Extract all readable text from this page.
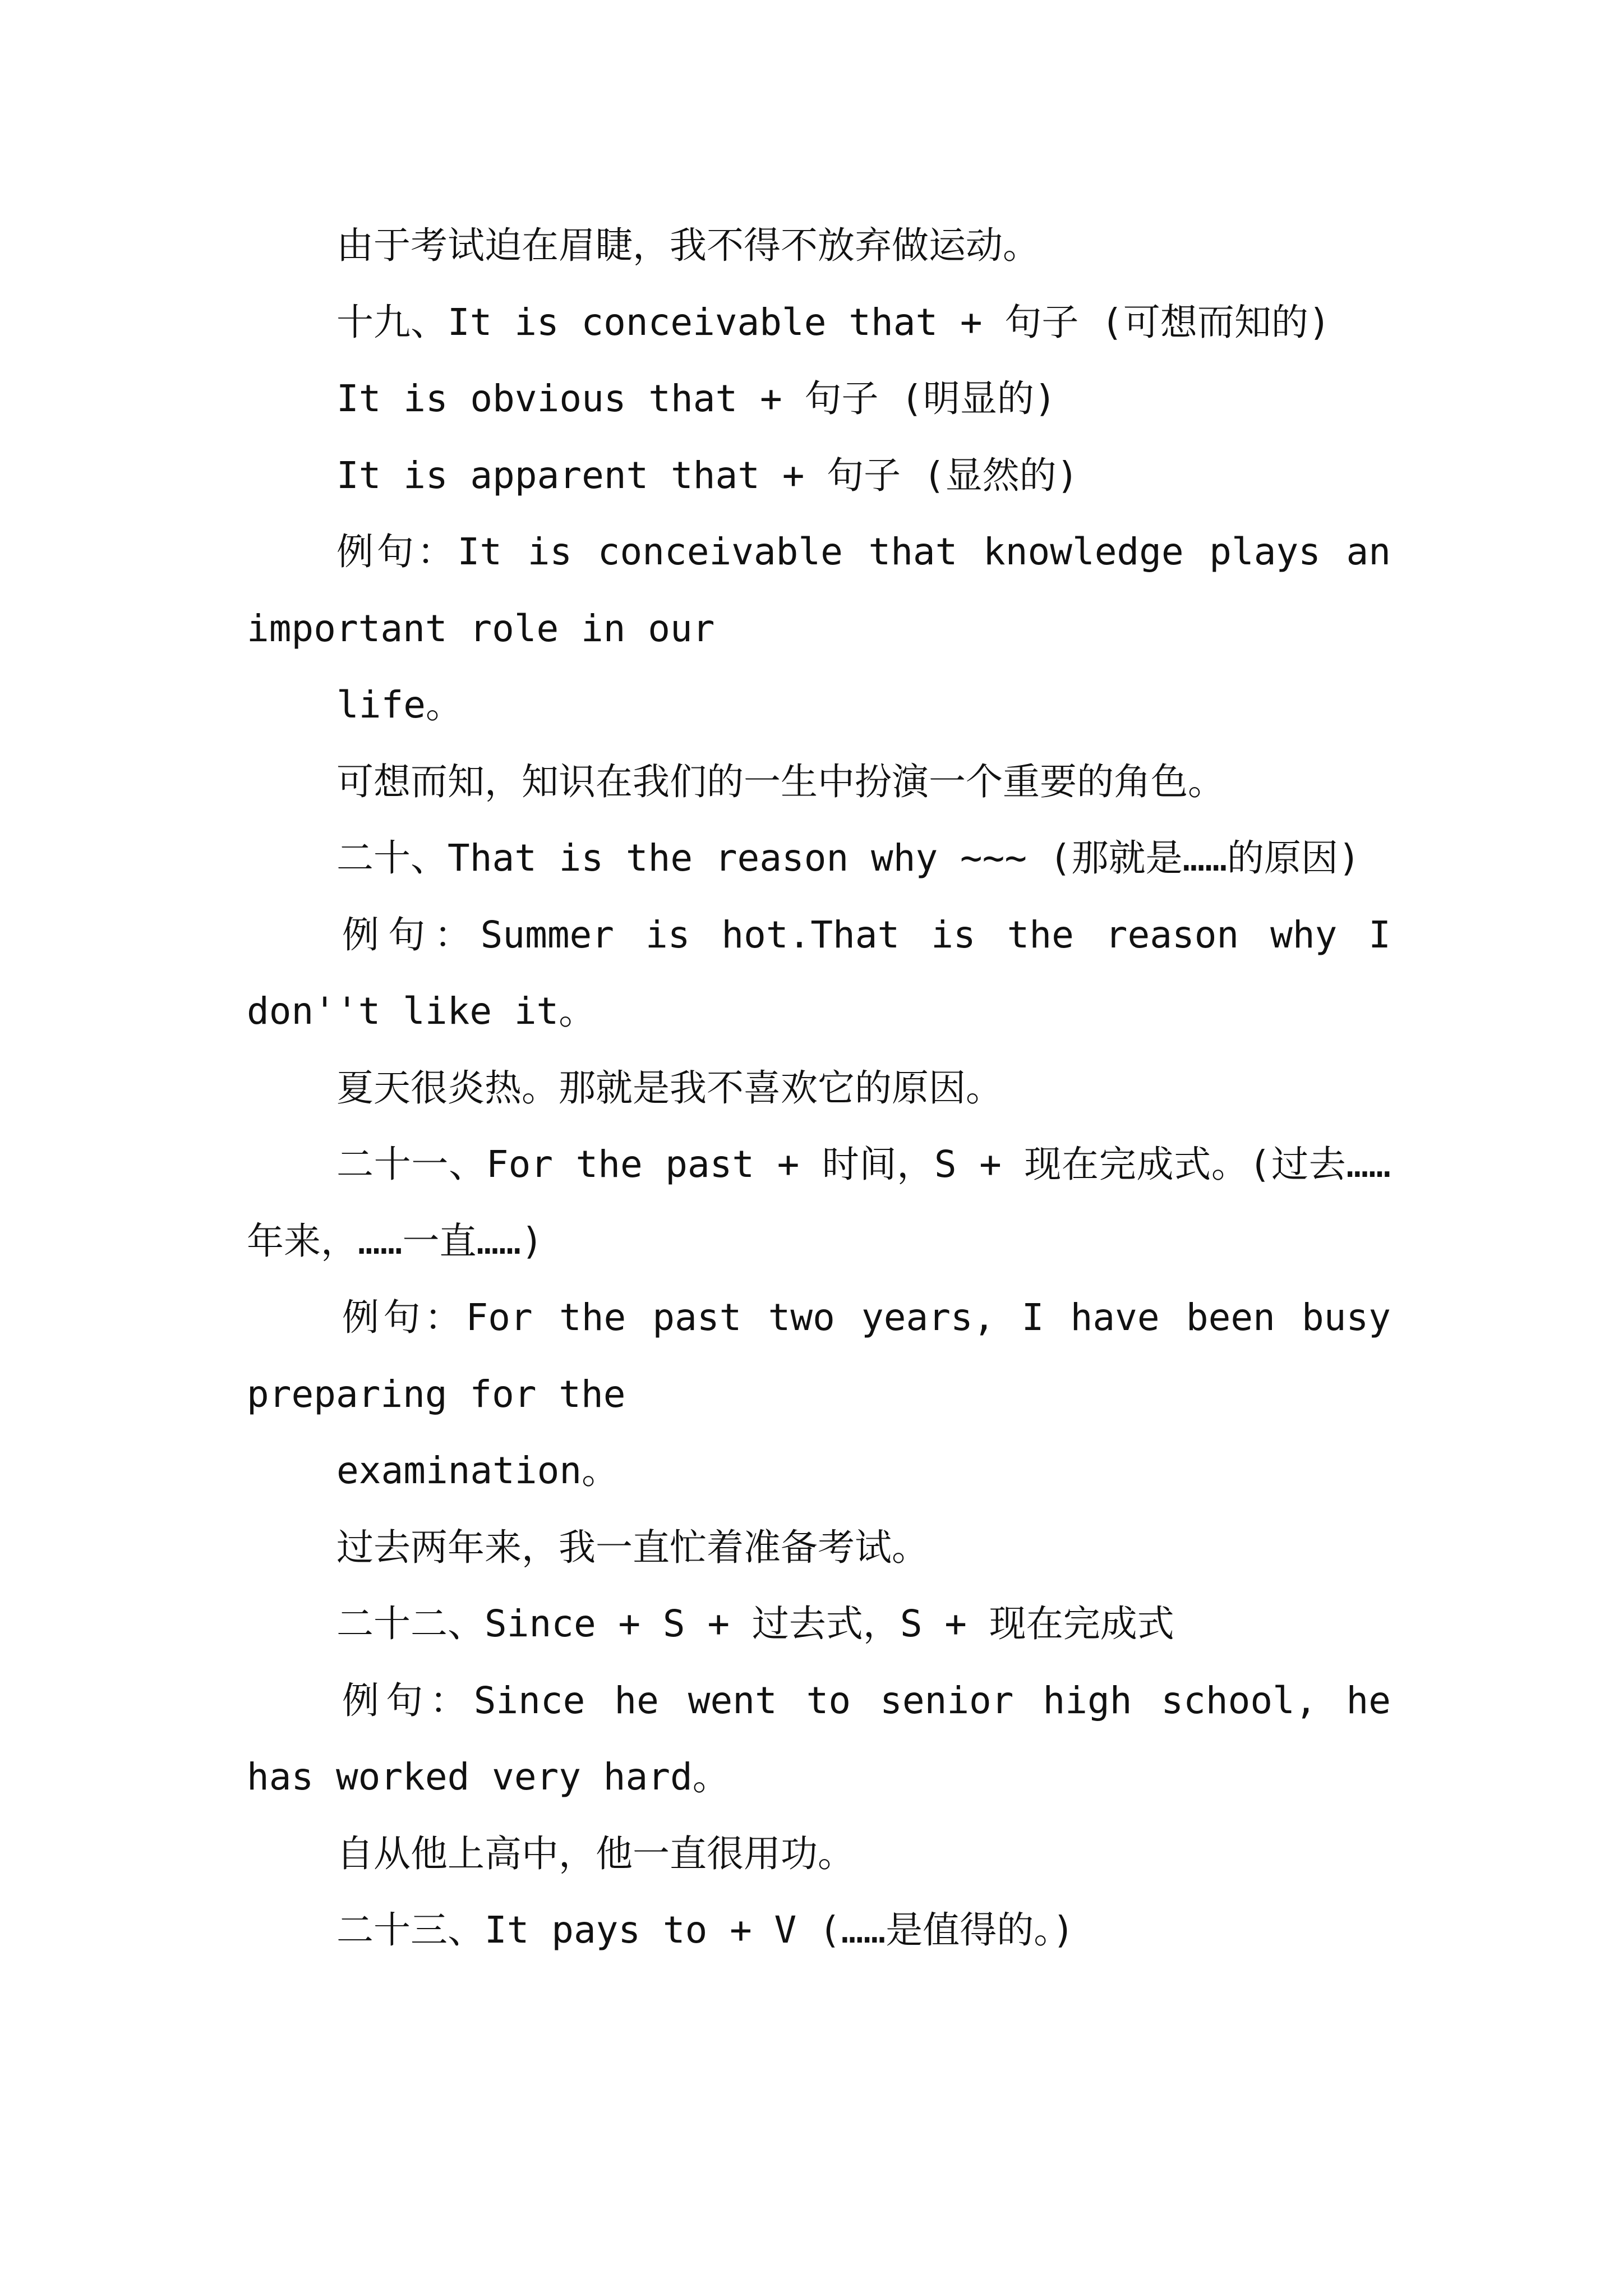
由于考试迫在眉睫，我不得不放弃做运动。

十九、It is conceivable that + 句子 (可想而知的)

It is obvious that + 句子 (明显的)

It is apparent that + 句子 (显然的)

例句：It is conceivable that knowledge plays an important role in our

life。

可想而知，知识在我们的一生中扮演一个重要的角色。

二十、That is the reason why ~~~ (那就是……的原因)

例句：Summer is hot.That is the reason why I don''t like it。

夏天很炎热。那就是我不喜欢它的原因。

二十一、For the past + 时间，S + 现在完成式。(过去……年来，……一直……)

例句：For the past two years, I have been busy preparing for the

examination。

过去两年来，我一直忙着准备考试。

二十二、Since + S + 过去式，S + 现在完成式

例句：Since he went to senior high school, he has worked very hard。

自从他上高中，他一直很用功。

二十三、It pays to + V (……是值得的。)
